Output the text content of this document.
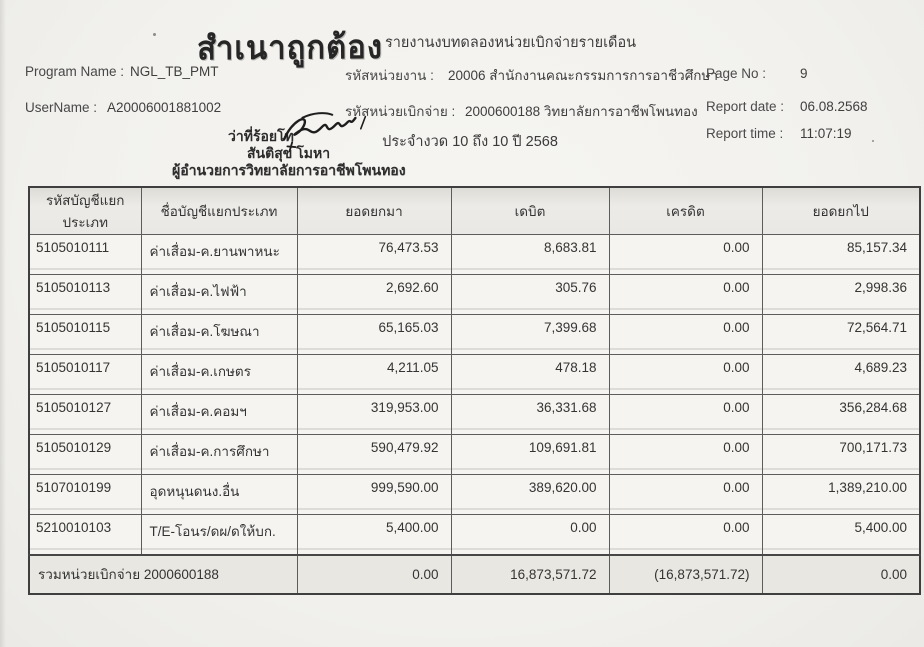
สำเนาถูกต้อง รายงานงบทดลองหน่วยเบิกจ่ายรายเดือน
Program Name : NGL_TB_PMT	รหัสหน่วยงาน : 20006 สำนักงานคณะกรรมการการอาชีวศึกษา
Page No :	9
UserName : A20006001881002	รหัสหน่วยเบิกจ่าย : 2000600188 วิทยาลัยการอาชีพโพนทอง Report date : 06.08.2568
ว่าที่ร้อยโท	ประจำงวด 10 ถึง 10 ปี 2568
Report time : 11:07:19
สันติสุข โมหา
ผู้อำนวยการวิทยาลัยการอาชีพโพนทอง
รหัสบัญชีแยกประเภท	ชื่อบัญชีแยกประเภท	ยอดยกมา	เดบิต	เครดิต	ยอดยกไป
5105010111	ค่าเสื่อม-ค.ยานพาหนะ	76,473.53	8,683.81	0.00	85,157.34
5105010113	ค่าเสื่อม-ค.ไฟฟ้า	2,692.60	305.76	0.00	2,998.36
5105010115	ค่าเสื่อม-ค.โฆษณา	65,165.03	7,399.68	0.00	72,564.71
5105010117	ค่าเสื่อม-ค.เกษตร	4,211.05	478.18	0.00	4,689.23
5105010127	ค่าเสื่อม-ค.คอมฯ	319,953.00	36,331.68	0.00	356,284.68
5105010129	ค่าเสื่อม-ค.การศึกษา	590,479.92	109,691.81	0.00	700,171.73
5107010199	อุดหนุนดนง.อื่น	999,590.00	389,620.00	0.00	1,389,210.00
5210010103	T/E-โอนร/ดผ/ดให้บก.	5,400.00	0.00	0.00	5,400.00
รวมหน่วยเบิกจ่าย 2000600188		0.00	16,873,571.72	(16,873,571.72)	0.00
